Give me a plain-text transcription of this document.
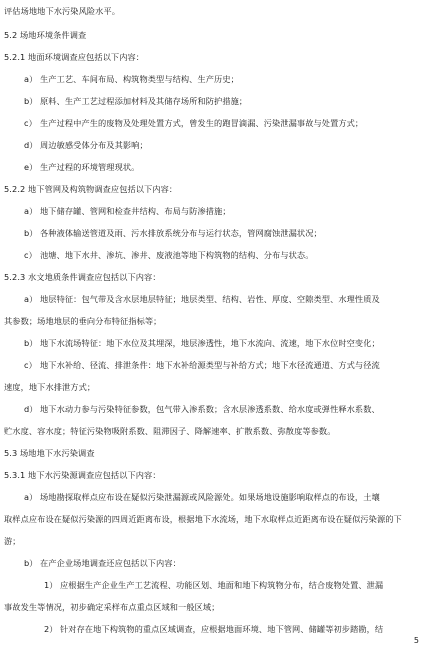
评估场地地下水污染风险水平。
5.2 场地环境条件调查
5.2.1 地面环境调查应包括以下内容：
a） 生产工艺、车间布局、构筑物类型与结构、生产历史；
b） 原料、生产工艺过程添加材料及其储存场所和防护措施；
c） 生产过程中产生的废物及处理处置方式，曾发生的跑冒滴漏、污染泄漏事故与处置方式；
d） 周边敏感受体分布及其影响；
e） 生产过程的环境管理现状。
5.2.2 地下管网及构筑物调查应包括以下内容：
a） 地下储存罐、管网和检查井结构、布局与防渗措施；
b） 各种液体输送管道及雨、污水排放系统分布与运行状态，管网腐蚀泄漏状况；
c） 池塘、地下水井、渗坑、渗井、废液池等地下构筑物的结构、分布与状态。
5.2.3 水文地质条件调查应包括以下内容：
a） 地层特征：包气带及含水层地层特征；地层类型、结构、岩性、厚度、空隙类型、水理性质及
其参数；场地地层的垂向分布特征指标等；
b） 地下水流场特征：地下水位及其埋深，地层渗透性，地下水流向、流速，地下水位时空变化；
c） 地下水补给、径流、排泄条件：地下水补给源类型与补给方式；地下水径流通道、方式与径流
速度，地下水排泄方式；
d） 地下水动力参与污染特征参数，包气带入渗系数；含水层渗透系数、给水度或弹性释水系数、
贮水度、容水度；特征污染物吸附系数、阻滞因子、降解速率、扩散系数、弥散度等参数。
5.3 场地地下水污染调查
5.3.1 地下水污染源调查应包括以下内容：
a） 场地勘探取样点应布设在疑似污染泄漏源或风险源处。如果场地设施影响取样点的布设，土壤
取样点应布设在疑似污染源的四周近距离布设，根据地下水流场，地下水取样点近距离布设在疑似污染源的下
游；
b） 在产企业场地调查还应包括以下内容：
1） 应根据生产企业生产工艺流程、功能区划、地面和地下构筑物分布，结合废物处置、泄漏
事故发生等情况，初步确定采样布点重点区域和一般区域；
2） 针对存在地下构筑物的重点区域调查，应根据地面环境、地下管网、储罐等初步踏勘，结
5
